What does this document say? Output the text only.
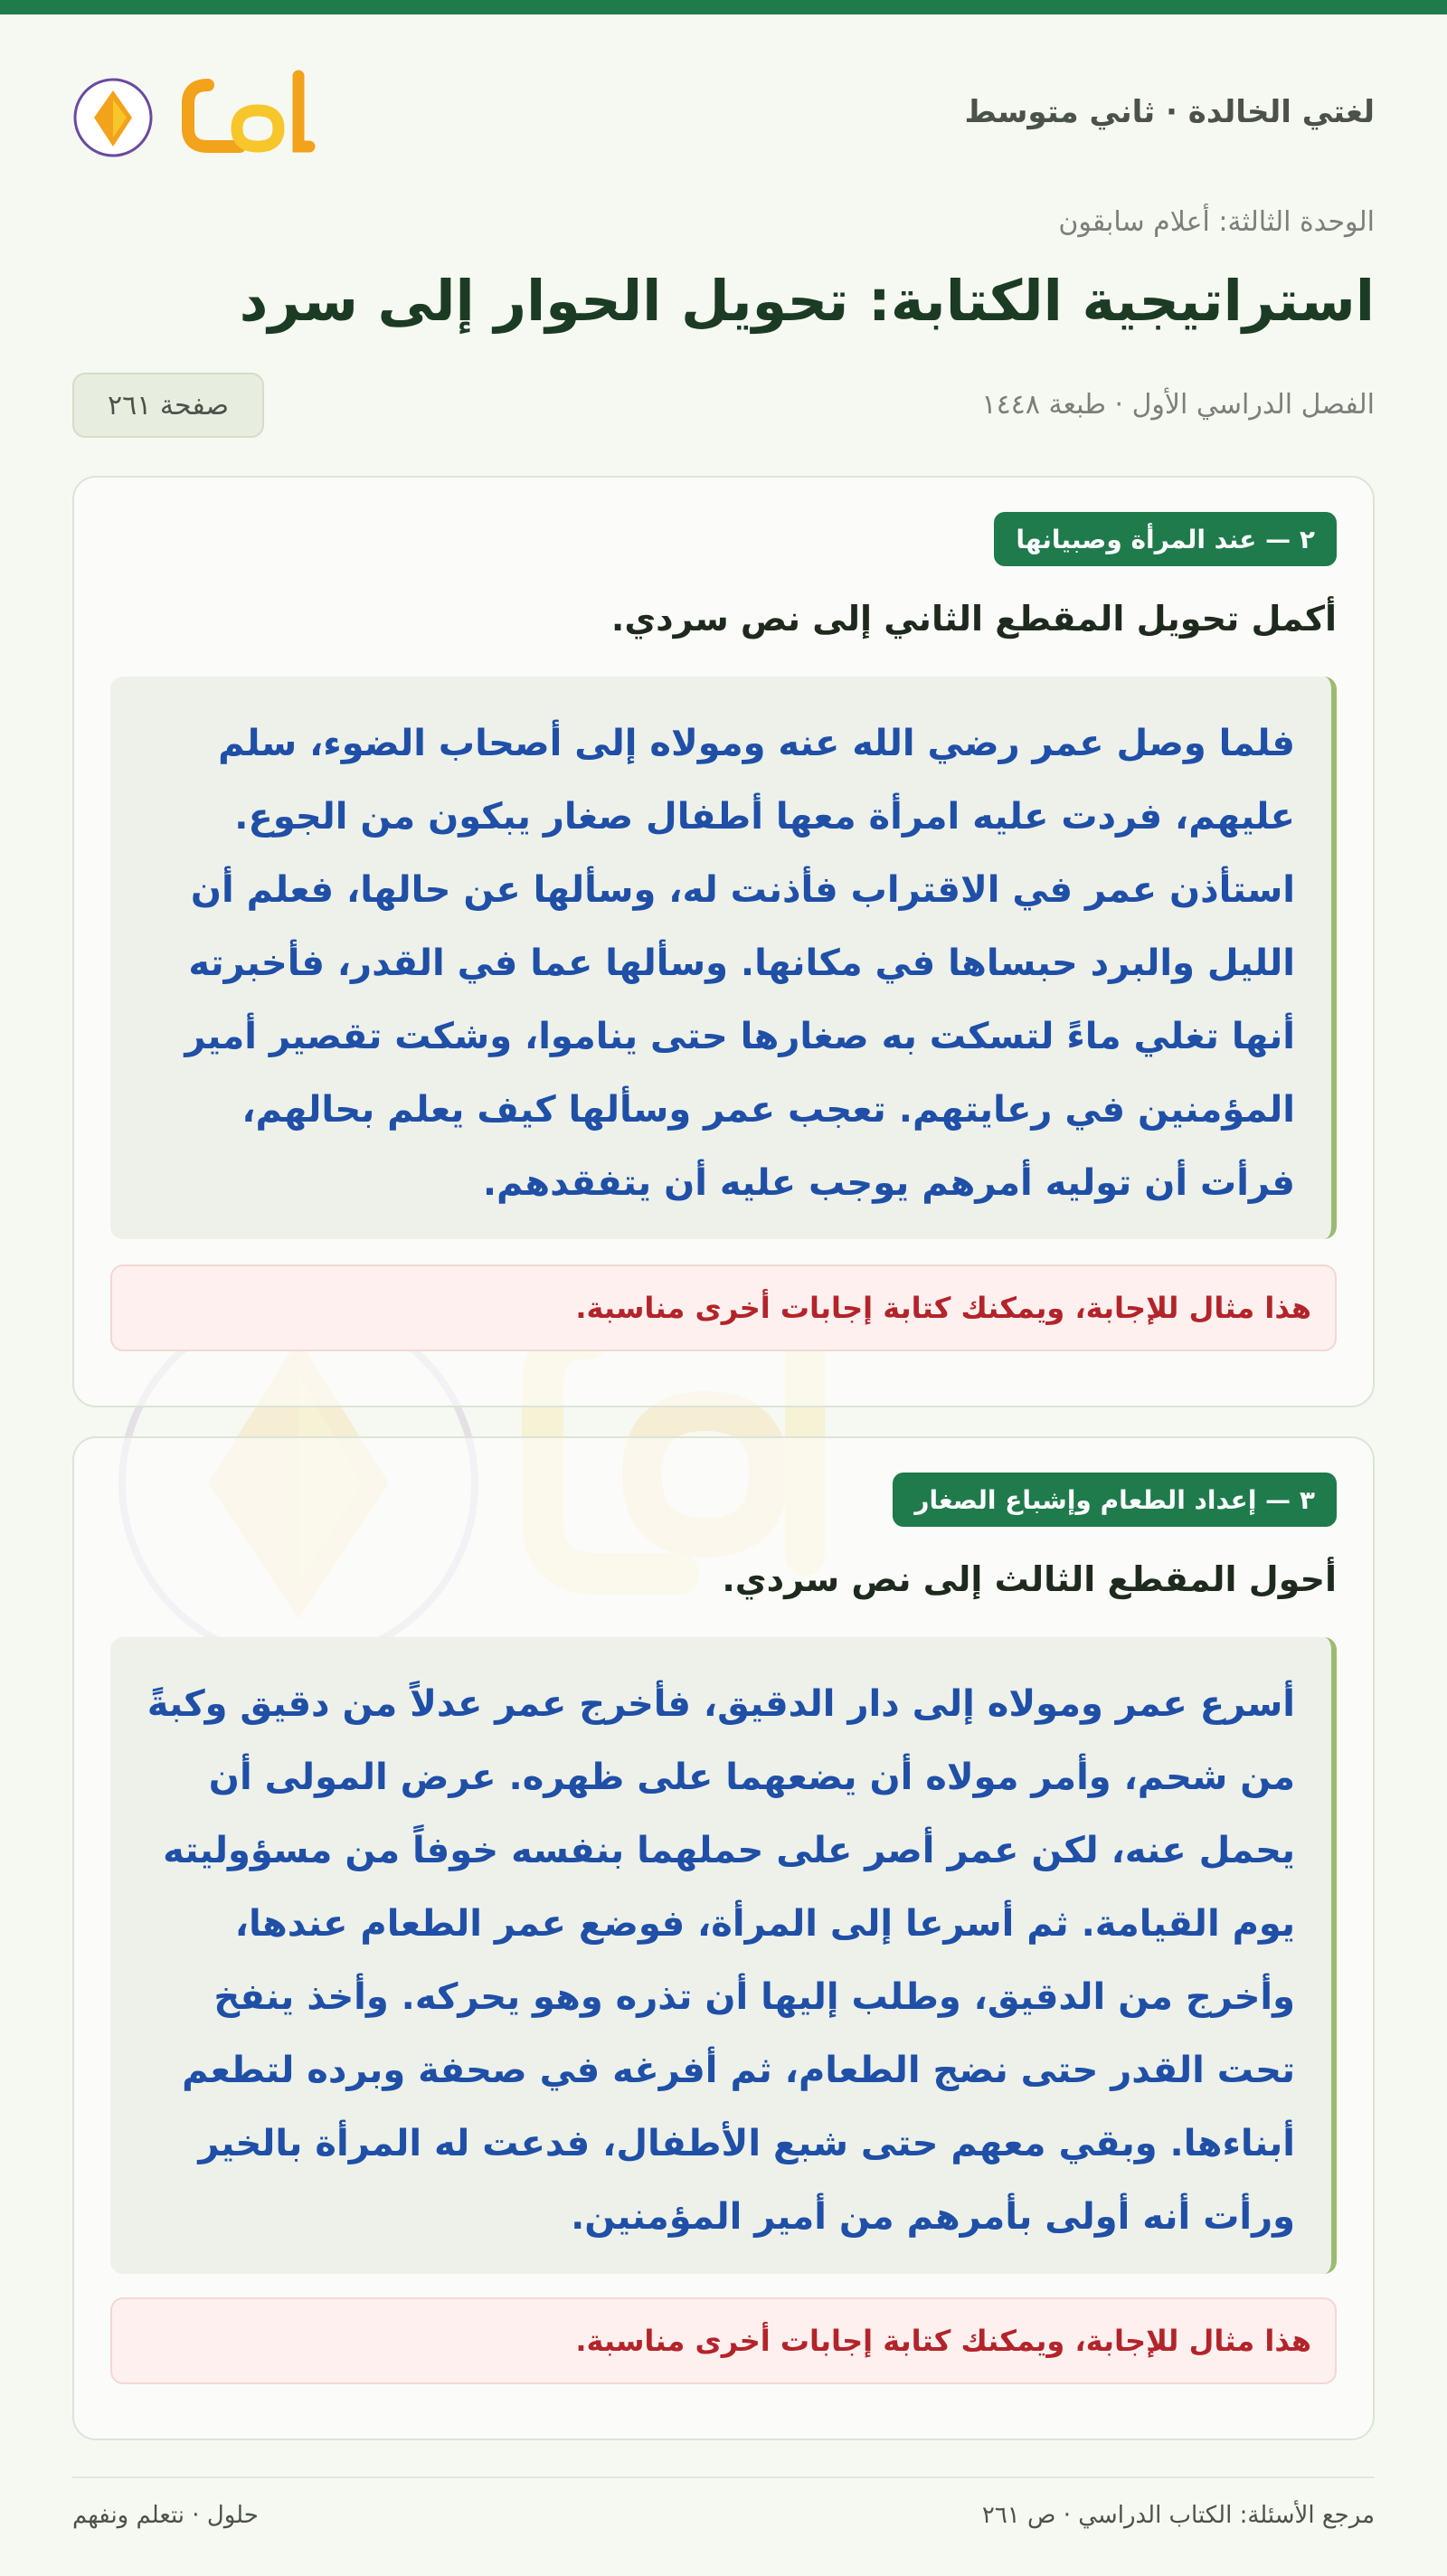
لغتي الخالدة · ثاني متوسط
الوحدة الثالثة: أعلام سابقون
استراتيجية الكتابة: تحويل الحوار إلى سرد
الفصل الدراسي الأول · طبعة ١٤٤٨
صفحة ٢٦١
٢ — عند المرأة وصبيانها
أكمل تحويل المقطع الثاني إلى نص سردي.

فلما وصل عمر رضي الله عنه ومولاه إلى أصحاب الضوء، سلم عليهم، فردت عليه امرأة معها أطفال صغار يبكون من الجوع. استأذن عمر في الاقتراب فأذنت له، وسألها عن حالها، فعلم أن الليل والبرد حبساها في مكانها. وسألها عما في القدر، فأخبرته أنها تغلي ماءً لتسكت به صغارها حتى يناموا، وشكت تقصير أمير المؤمنين في رعايتهم. تعجب عمر وسألها كيف يعلم بحالهم، فرأت أن توليه أمرهم يوجب عليه أن يتفقدهم.

هذا مثال للإجابة، ويمكنك كتابة إجابات أخرى مناسبة.
٣ — إعداد الطعام وإشباع الصغار
أحول المقطع الثالث إلى نص سردي.

أسرع عمر ومولاه إلى دار الدقيق، فأخرج عمر عدلاً من دقيق وكبةً من شحم، وأمر مولاه أن يضعهما على ظهره. عرض المولى أن يحمل عنه، لكن عمر أصر على حملهما بنفسه خوفاً من مسؤوليته يوم القيامة. ثم أسرعا إلى المرأة، فوضع عمر الطعام عندها، وأخرج من الدقيق، وطلب إليها أن تذره وهو يحركه. وأخذ ينفخ تحت القدر حتى نضج الطعام، ثم أفرغه في صحفة وبرده لتطعم أبناءها. وبقي معهم حتى شبع الأطفال، فدعت له المرأة بالخير ورأت أنه أولى بأمرهم من أمير المؤمنين.

هذا مثال للإجابة، ويمكنك كتابة إجابات أخرى مناسبة.
مرجع الأسئلة: الكتاب الدراسي · ص ٢٦١
حلول · نتعلم ونفهم
